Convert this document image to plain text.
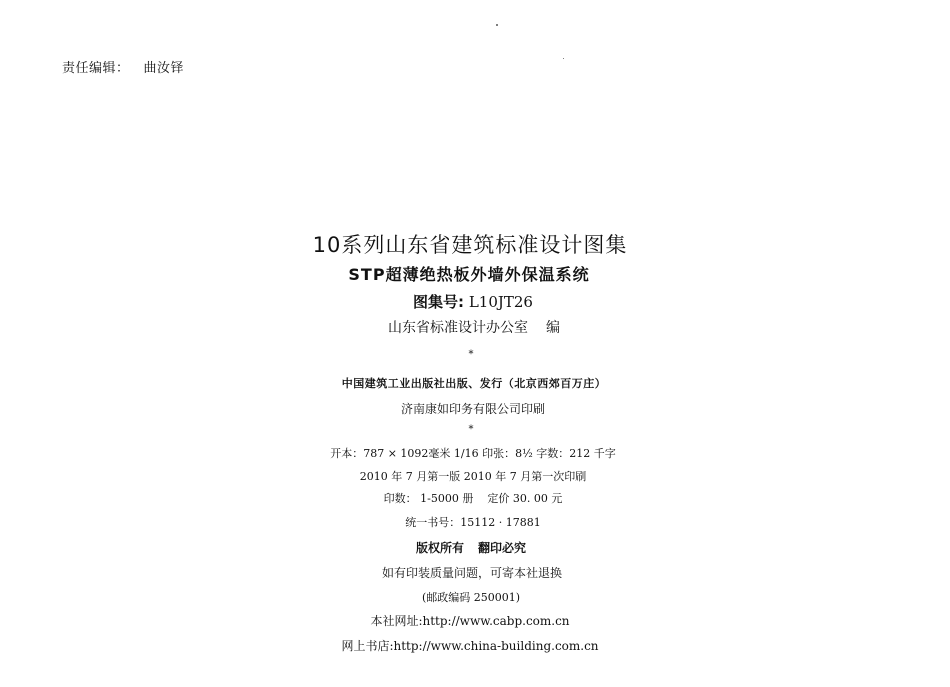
责任编辑： 曲汝铎
10系列山东省建筑标准设计图集
STP超薄绝热板外墙外保温系统
图集号: L10JT26
山东省标准设计办公室 编
*
中国建筑工业出版社出版、发行（北京西郊百万庄）
济南康如印务有限公司印刷
*
开本：787 × 1092毫米 1/16 印张：8½ 字数：212 千字
2010 年 7 月第一版 2010 年 7 月第一次印刷
印数： 1-5000 册 定价 30. 00 元
统一书号：15112 · 17881
版权所有 翻印必究
如有印装质量问题，可寄本社退换
(邮政编码 250001)
本社网址:http://www.cabp.com.cn
网上书店:http://www.china-building.com.cn
